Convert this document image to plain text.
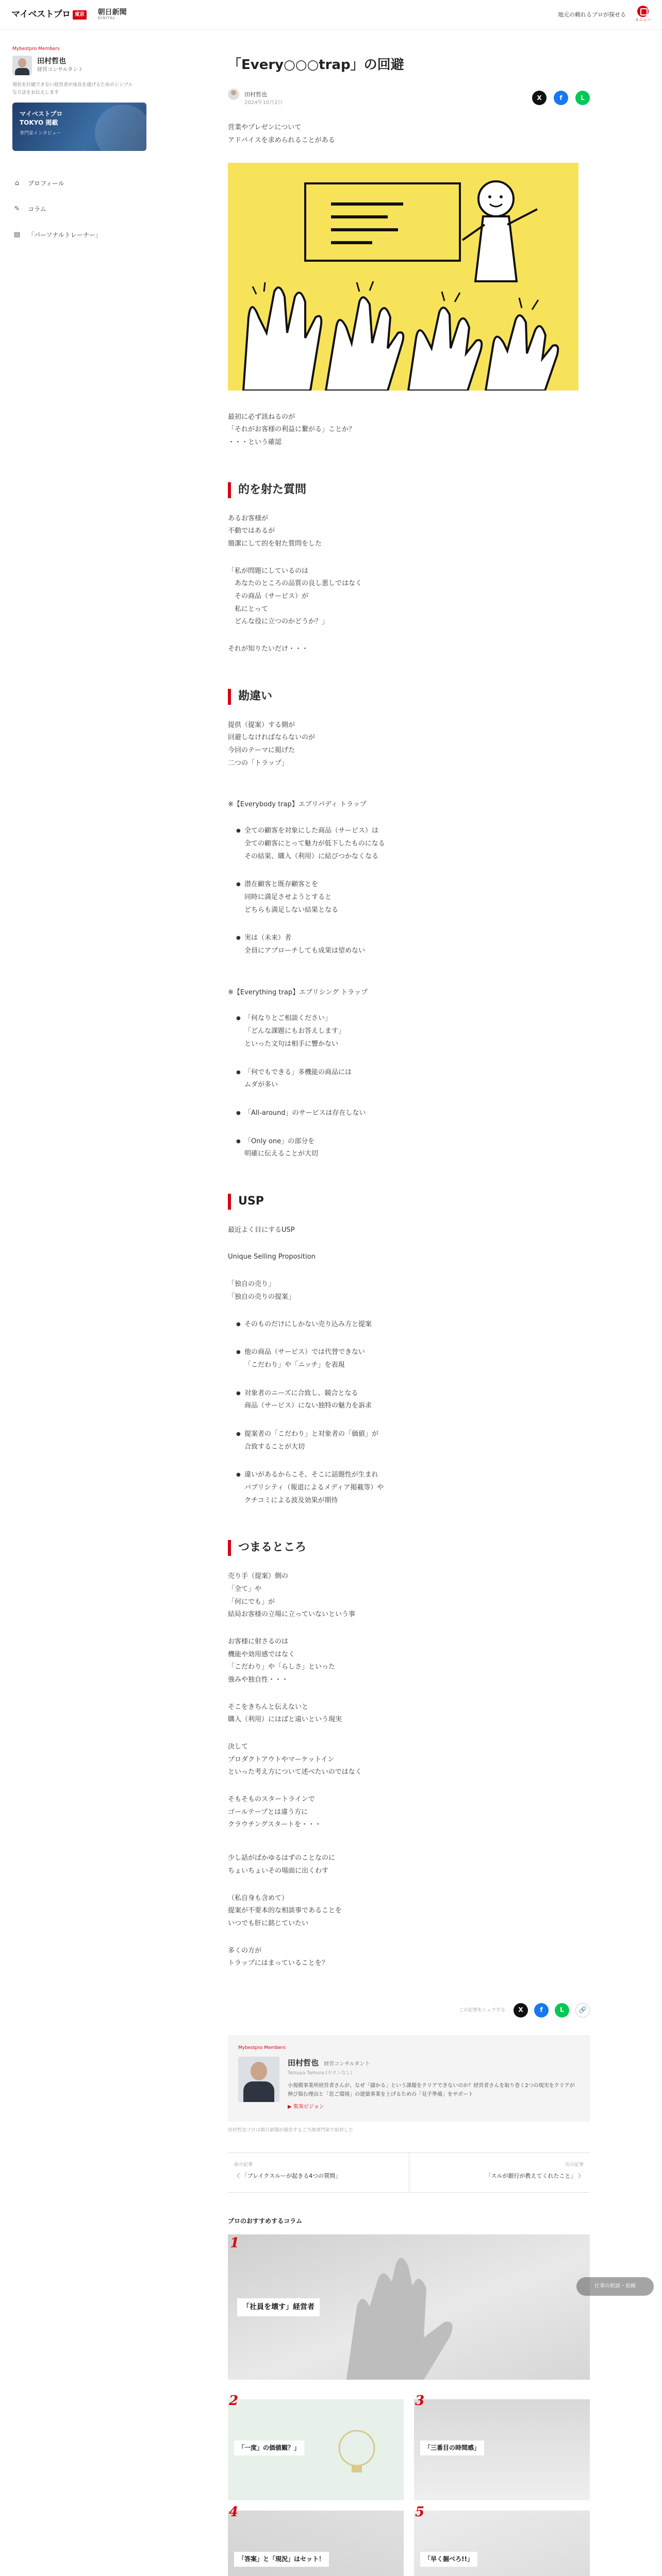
マイベストプロ 東京 朝日新聞
DIGITAL
地元の頼れるプロが探せる
メニュー
Mybestpro Members
田村哲也
経営コンサルタント
現状を打破できない経営者が成長を遂げるためのシンプルな方法をお伝えします
マイベストプロ
TOKYO 掲載
専門家インタビュー
⌂	プロフィール
✎ コラム
▤ 「パーソナルトレーナー」
「Every○○○trap」の回避
田村哲也
2024年10月2日
X	f	L
営業やプレゼンについて
アドバイスを求められることがある
最初に必ず訊ねるのが
「それがお客様の利益に繋がる」ことか？
・・・という確認
的を射た質問
あるお客様が
不動ではあるが
簡潔にして的を射た質問をした
「私が問題にしているのは
　あなたのところの品質の良し悪しではなく
　その商品（サービス）が
　私にとって
　どんな役に立つのかどうか？」
それが知りたいだけ・・・
勘違い
提供（提案）する側が
回避しなければならないのが
今回のテーマに掲げた
二つの「トラップ」
※【Everybody trap】エブリバディ トラップ
● 全ての顧客を対象にした商品（サービス）は
全ての顧客にとって魅力が低下したものになる
その結果、購入（利用）に結びつかなくなる
● 潜在顧客と既存顧客とを
同時に満足させようとすると
どちらも満足しない結果となる
● 実は（未来）者
全員にアプローチしても成果は望めない
※【Everything trap】エブリシング トラップ
● 「何なりとご相談ください」
「どんな課題にもお答えします」
といった文句は相手に響かない
● 「何でもできる」多機能の商品には
ムダが多い
● 「All-around」のサービスは存在しない
● 「Only one」の部分を
明確に伝えることが大切
USP
最近よく目にするUSP
Unique Selling Proposition
「独自の売り」
「独自の売りの提案」
● そのものだけにしかない売り込み方と提案
● 他の商品（サービス）では代替できない
「こだわり」や「ニッチ」を表現
● 対象者のニーズに合致し、競合となる
商品（サービス）にない独特の魅力を訴求
● 提案者の「こだわり」と対象者の「価値」が
合致することが大切
● 違いがあるからこそ、そこに話題性が生まれ
パブリシティ（報道によるメディア掲載等）や
クチコミによる波及効果が期待
つまるところ
売り手（提案）側の
「全て」や
「何にでも」が
結局お客様の立場に立っていないという事
お客様に射さるのは
機能や効用感ではなく
「こだわり」や「らしさ」といった
強みや独自性・・・
そこをきちんと伝えないと
購入（利用）にはばと遠いという現実
決して
プロダクトアウトやマーケットイン
といった考え方について述べたいのではなく
そもそものスタートラインで
ゴールテープとは違う方に
クラウチングスタートを・・・
少し話がばかゆるはずのことなのに
ちょいちょいその場面に出くわす
（私自身も含めて）
提案が不要本的な相談事であることを
いつでも肝に銘じていたい
多くの方が
トラップにはまっていることを？
この記事をシェアする	X	f	L	🔗
Mybestpro Members
田村哲也 経営コンサルタント
Tetsuya Tamura (ボタンなし)
小規模事業所経営者さんが、なぜ「儲かる」という課題をクリアできないのか？経営者さんを取り巻く2つの現実をクリアが伸び悩む理由と「思ご環境」の建築事業を上げるための「見手準備」をサポート
▶ 集客ビジョン
田村哲也プロは朝日新聞が運営するご当地専門家で取材した
前の記事
〈 「ブレイクスルーが起きる4つの質問」
次の記事
「スルが銀行が教えてくれたこと」 〉
プロのおすすめするコラム
1
「社員を壊す」経営者
2
「一度」の価値観？」
3
「三番目の時間感」
4
「答案」と「現況」はセット！
5
「早く掘べろ!!」
仕事の相談・依頼
